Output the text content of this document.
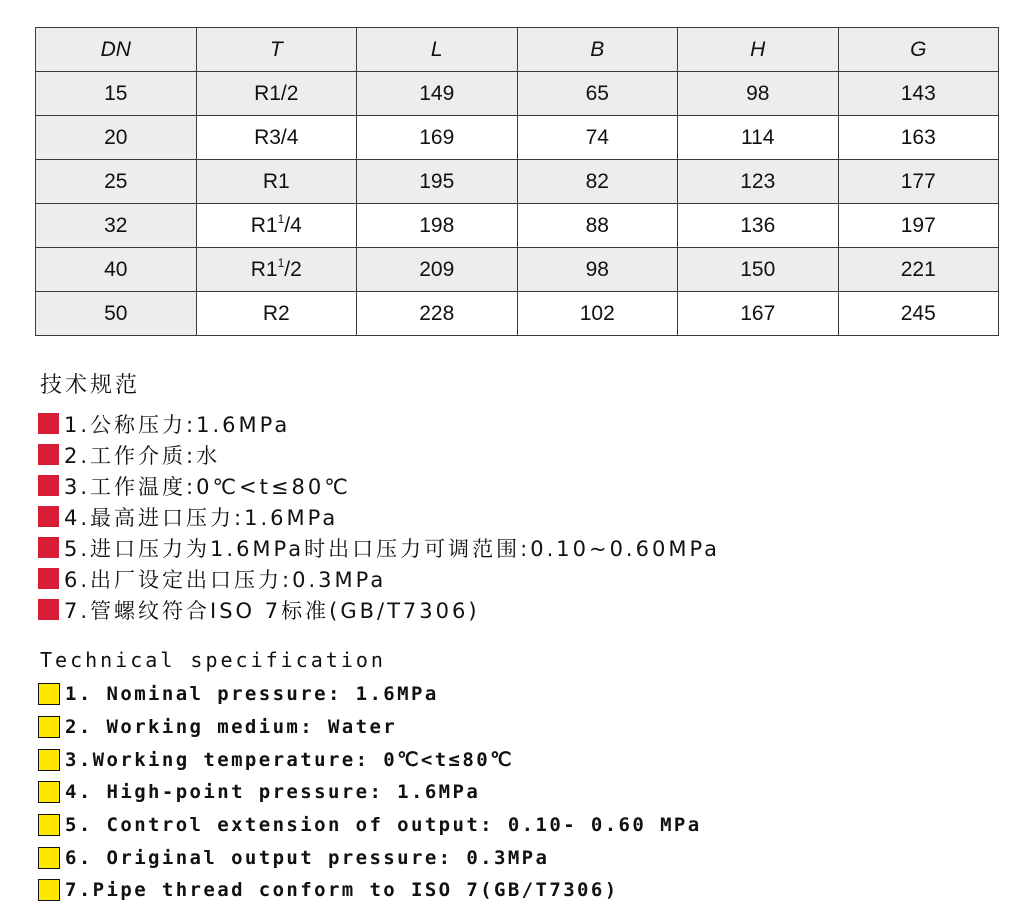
DN	T	L	B	H	G
15	R1/2	149	65	98	143
20	R3/4	169	74	114	163
25	R1	195	82	123	177
32	$R1^1/4$	198	88	136	197
40	$R1^1/2$	209	98	150	221
50	R2	228	102	167	245
技术规范
1.公称压力:1.6MPa
2.工作介质:水
3.工作温度:0℃<t≤80℃
4.最高进口压力:1.6MPa
5.进口压力为1.6MPa时出口压力可调范围:0.10~0.60MPa
6.出厂设定出口压力:0.3MPa
7.管螺纹符合ISO 7标准(GB/T7306)
Technical specification
1. Nominal pressure: 1.6MPa
2. Working medium: Water
3.Working temperature: 0℃<t≤80℃
4. High-point pressure: 1.6MPa
5. Control extension of output: 0.10- 0.60 MPa
6. Original output pressure: 0.3MPa
7.Pipe thread conform to ISO 7(GB/T7306)
